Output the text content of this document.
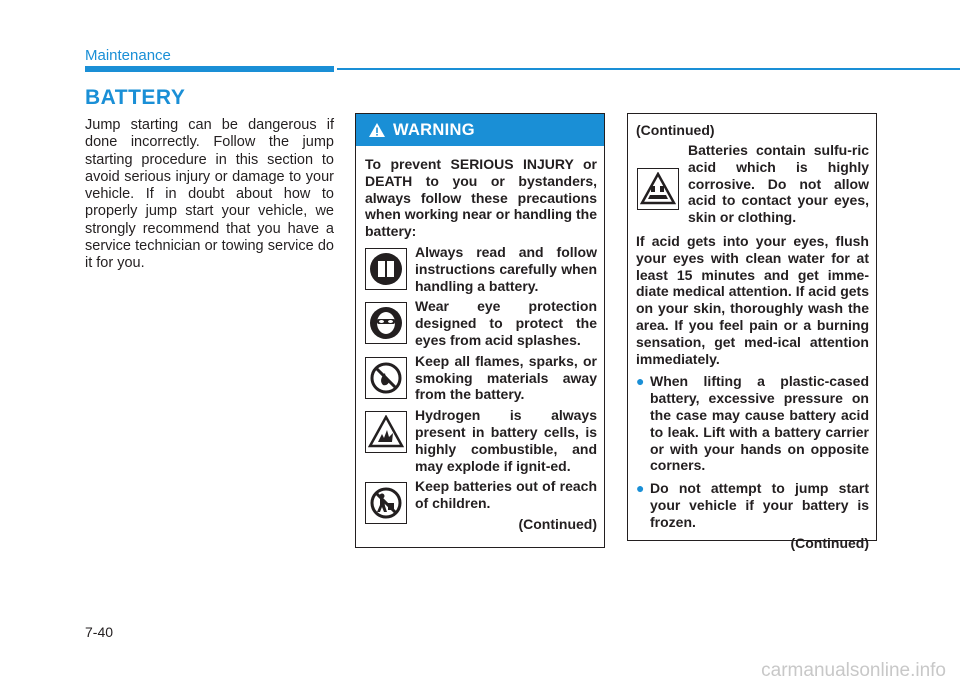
Maintenance
BATTERY
Jump starting can be dangerous if done incorrectly. Follow the jump starting procedure in this section to avoid serious injury or damage to your vehicle. If in doubt about how to properly jump start your vehicle, we strongly recommend that you have a service technician or towing service do it for you.
WARNING
To prevent SERIOUS INJURY or DEATH to you or bystanders, always follow these precautions when working near or handling the battery:
Always read and follow instructions carefully when handling a battery.
Wear eye protection designed to protect the eyes from acid splashes.
Keep all flames, sparks, or smoking materials away from the battery.
Hydrogen is always present in battery cells, is highly combustible, and may explode if ignit-ed.
Keep batteries out of reach of children.
(Continued)
(Continued)
Batteries contain sulfu-ric acid which is highly corrosive. Do not allow acid to contact your eyes, skin or clothing.
If acid gets into your eyes, flush your eyes with clean water for at least 15 minutes and get imme-diate medical attention. If acid gets on your skin, thoroughly wash the area. If you feel pain or a burning sensation, get med-ical attention immediately.
● When lifting a plastic-cased battery, excessive pressure on the case may cause battery acid to leak. Lift with a battery carrier or with your hands on opposite corners.
● Do not attempt to jump start your vehicle if your battery is frozen.
(Continued)
7-40
carmanualsonline.info
